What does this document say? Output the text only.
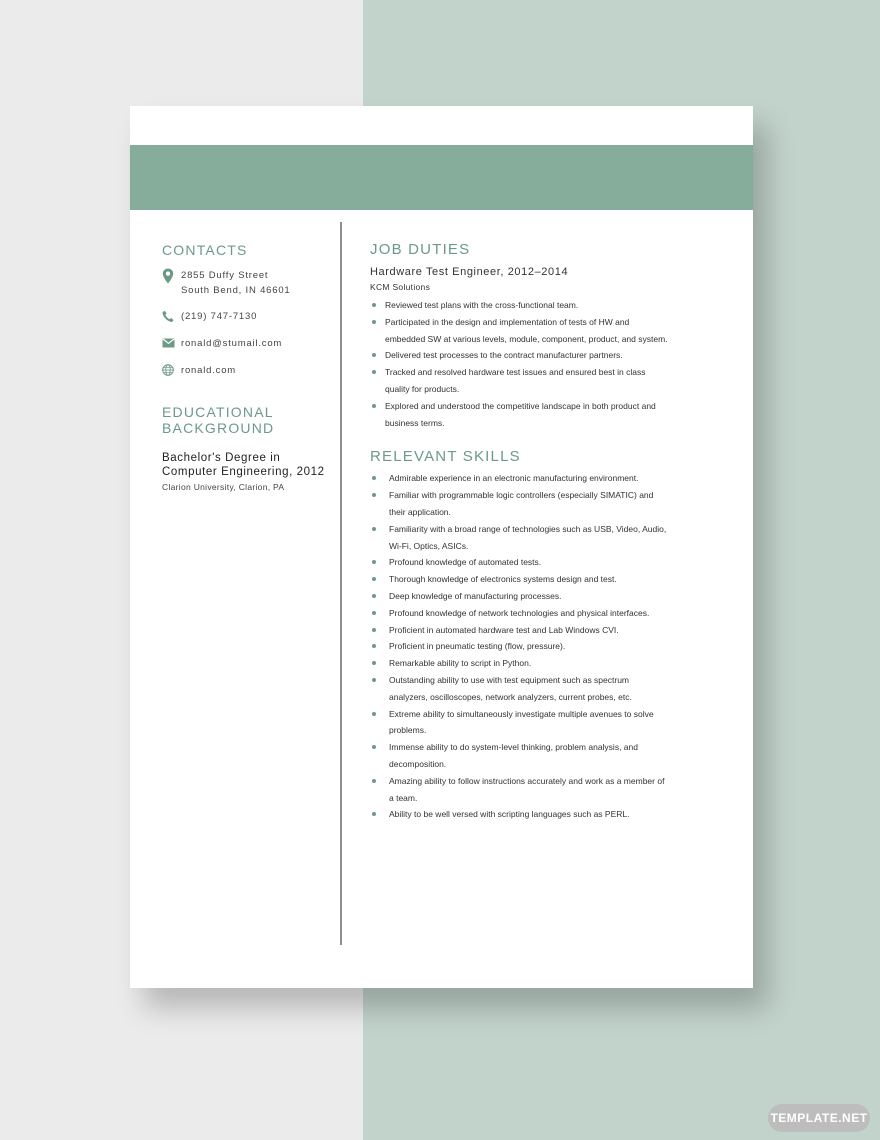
CONTACTS
2855 Duffy Street
South Bend, IN 46601
(219) 747-7130
ronald@stumail.com
ronald.com
EDUCATIONAL
BACKGROUND
Bachelor's Degree in
Computer Engineering, 2012
Clarion University, Clarion, PA
JOB DUTIES
Hardware Test Engineer, 2012–2014
KCM Solutions
Reviewed test plans with the cross-functional team.
Participated in the design and implementation of tests of HW and embedded SW at various levels, module, component, product, and system.
Delivered test processes to the contract manufacturer partners.
Tracked and resolved hardware test issues and ensured best in class quality for products.
Explored and understood the competitive landscape in both product and business terms.
RELEVANT SKILLS
Admirable experience in an electronic manufacturing environment.
Familiar with programmable logic controllers (especially SIMATIC) and their application.
Familiarity with a broad range of technologies such as USB, Video, Audio, Wi-Fi, Optics, ASICs.
Profound knowledge of automated tests.
Thorough knowledge of electronics systems design and test.
Deep knowledge of manufacturing processes.
Profound knowledge of network technologies and physical interfaces.
Proficient in automated hardware test and Lab Windows CVI.
Proficient in pneumatic testing (flow, pressure).
Remarkable ability to script in Python.
Outstanding ability to use with test equipment such as spectrum analyzers, oscilloscopes, network analyzers, current probes, etc.
Extreme ability to simultaneously investigate multiple avenues to solve problems.
Immense ability to do system-level thinking, problem analysis, and decomposition.
Amazing ability to follow instructions accurately and work as a member of a team.
Ability to be well versed with scripting languages such as PERL.
TEMPLATE.NET
